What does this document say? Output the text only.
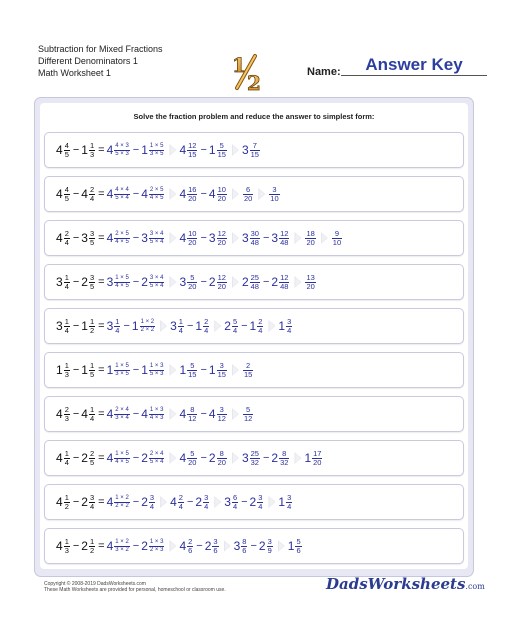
Subtraction for Mixed Fractions
Different Denominators 1
Math Worksheet 1	1
2	Name:	Answer Key
Solve the fraction problem and reduce the answer to simplest form:
$4 \frac{4}{5} - 1 \frac{1}{3} = 4 \frac{4 \times 3}{5 \times 3} - 1 \frac{1 \times 5}{3 \times 5} 4 \frac{12}{15} - 1 \frac{5}{15} 3 \frac{7}{15}$
$4 \frac{4}{5} - 4 \frac{2}{4} = 4 \frac{4 \times 4}{5 \times 4} - 4 \frac{2 \times 5}{4 \times 5} 4 \frac{16}{20} - 4 \frac{10}{20} \frac{6}{20} \frac{3}{10}$
$4 \frac{2}{4} - 3 \frac{3}{5} = 4 \frac{2 \times 5}{4 \times 5} - 3 \frac{3 \times 4}{5 \times 4} 4 \frac{10}{20} - 3 \frac{12}{20} 3 \frac{30}{48} - 3 \frac{12}{48} \frac{18}{20} \frac{9}{10}$
$3 \frac{1}{4} - 2 \frac{3}{5} = 3 \frac{1 \times 5}{4 \times 5} - 2 \frac{3 \times 4}{5 \times 4} 3 \frac{5}{20} - 2 \frac{12}{20} 2 \frac{25}{48} - 2 \frac{12}{48} \frac{13}{20}$
$3 \frac{1}{4} - 1 \frac{1}{2} = 3 \frac{1}{4} - 1 \frac{1 \times 2}{2 \times 2} 3 \frac{1}{4} - 1 \frac{2}{4} 2 \frac{5}{4} - 1 \frac{2}{4} 1 \frac{3}{4}$
$1 \frac{1}{3} - 1 \frac{1}{5} = 1 \frac{1 \times 5}{3 \times 5} - 1 \frac{1 \times 3}{5 \times 3} 1 \frac{5}{15} - 1 \frac{3}{15} \frac{2}{15}$
$4 \frac{2}{3} - 4 \frac{1}{4} = 4 \frac{2 \times 4}{3 \times 4} - 4 \frac{1 \times 3}{4 \times 3} 4 \frac{8}{12} - 4 \frac{3}{12} \frac{5}{12}$
$4 \frac{1}{4} - 2 \frac{2}{5} = 4 \frac{1 \times 5}{4 \times 5} - 2 \frac{2 \times 4}{5 \times 4} 4 \frac{5}{20} - 2 \frac{8}{20} 3 \frac{25}{32} - 2 \frac{8}{32} 1 \frac{17}{20}$
$4 \frac{1}{2} - 2 \frac{3}{4} = 4 \frac{1 \times 2}{2 \times 2} - 2 \frac{3}{4} 4 \frac{2}{4} - 2 \frac{3}{4} 3 \frac{6}{4} - 2 \frac{3}{4} 1 \frac{3}{4}$
$4 \frac{1}{3} - 2 \frac{1}{2} = 4 \frac{1 \times 2}{3 \times 2} - 2 \frac{1 \times 3}{2 \times 3} 4 \frac{2}{6} - 2 \frac{3}{6} 3 \frac{8}{6} - 2 \frac{3}{9} 1 \frac{5}{6}$
Copyright © 2008-2019 DadsWorksheets.com
These Math Worksheets are provided for personal, homeschool or classroom use.	DadsWorksheets.com
